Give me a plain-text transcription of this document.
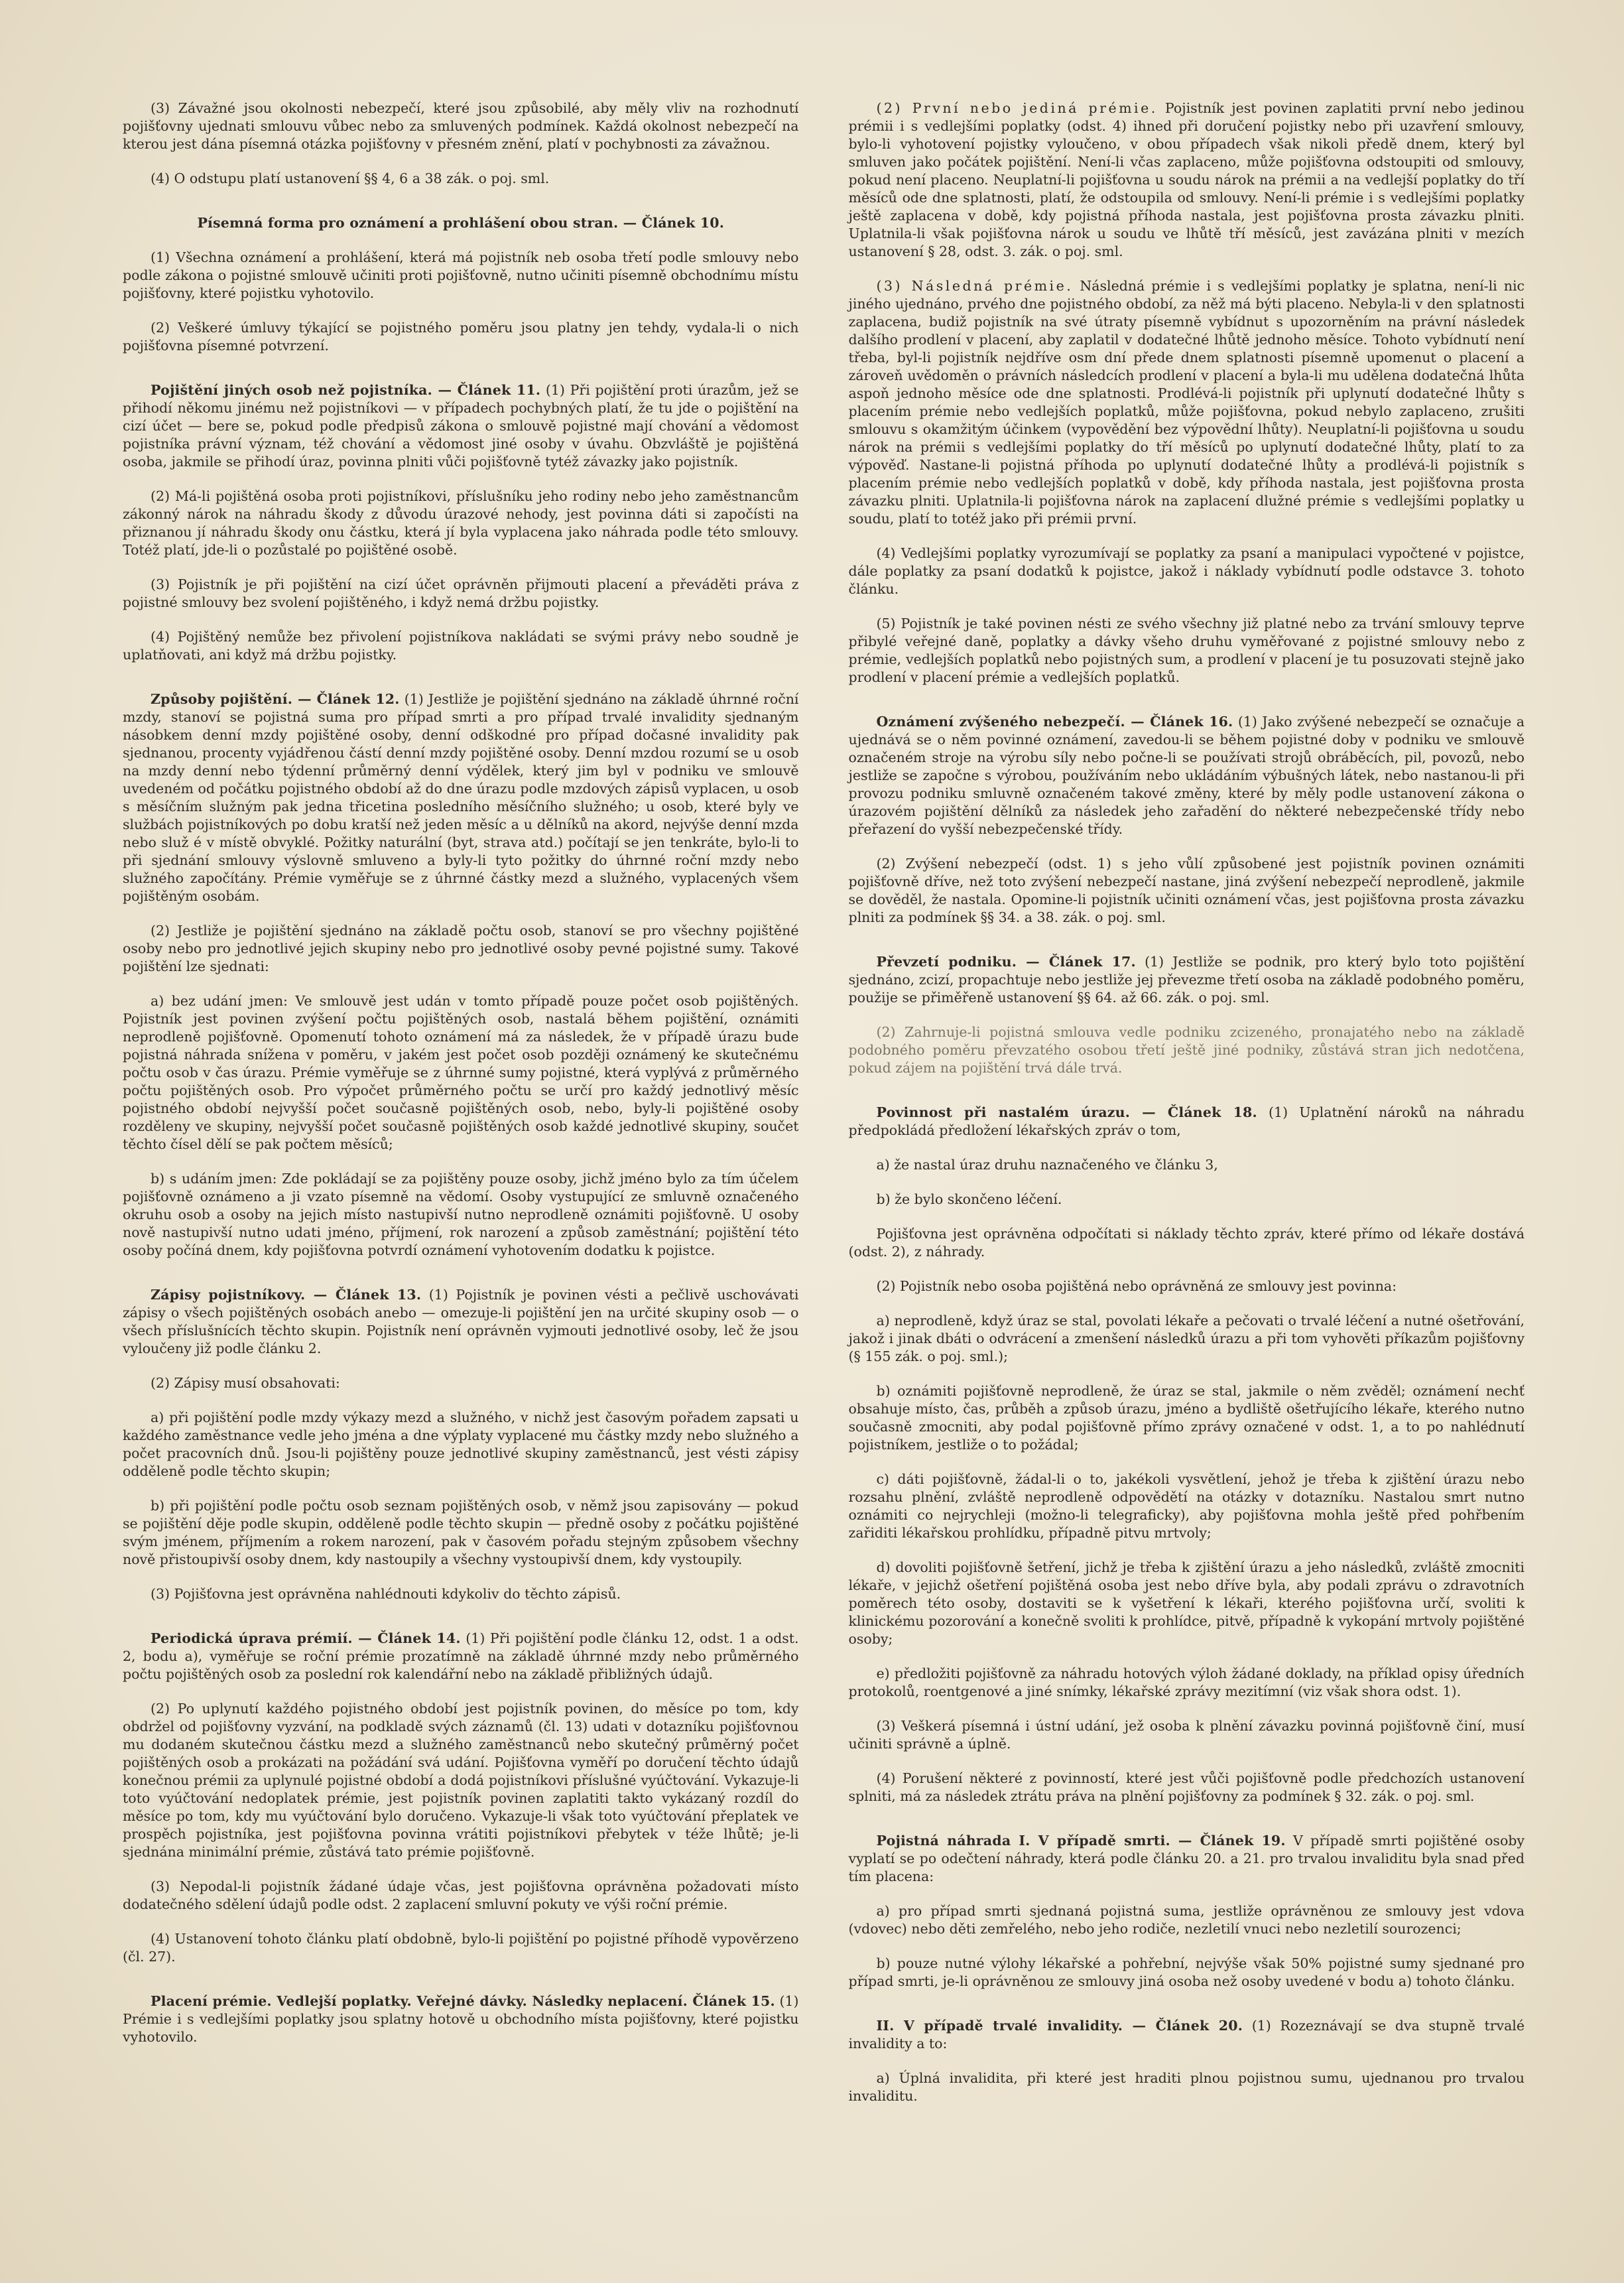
(3) Závažné jsou okolnosti nebezpečí, které jsou způsobilé, aby měly vliv na rozhodnutí pojišťovny ujednati smlouvu vůbec nebo za smluvených podmínek. Každá okolnost nebezpečí na kterou jest dána písemná otázka pojišťovny v přesném znění, platí v pochybnosti za závažnou.

(4) O odstupu platí ustanovení §§ 4, 6 a 38 zák. o poj. sml.

Písemná forma pro oznámení a prohlášení obou stran. — Článek 10.

(1) Všechna oznámení a prohlášení, která má pojistník neb osoba třetí podle smlouvy nebo podle zákona o pojistné smlouvě učiniti proti pojišťovně, nutno učiniti písemně obchodnímu místu pojišťovny, které pojistku vyhotovilo.

(2) Veškeré úmluvy týkající se pojistného poměru jsou platny jen tehdy, vydala-li o nich pojišťovna písemné potvrzení.

Pojištění jiných osob než pojistníka. — Článek 11. (1) Při pojištění proti úrazům, jež se přihodí někomu jinému než pojistníkovi — v případech pochybných platí, že tu jde o pojištění na cizí účet — bere se, pokud podle předpisů zákona o smlouvě pojistné mají chování a vědomost pojistníka právní význam, též chování a vědomost jiné osoby v úvahu. Obzvláště je pojištěná osoba, jakmile se přihodí úraz, povinna plniti vůči pojišťovně tytéž závazky jako pojistník.

(2) Má-li pojištěná osoba proti pojistníkovi, příslušníku jeho rodiny nebo jeho zaměstnancům zákonný nárok na náhradu škody z důvodu úrazové nehody, jest povinna dáti si započísti na přiznanou jí náhradu škody onu částku, která jí byla vyplacena jako náhrada podle této smlouvy. Totéž platí, jde-li o pozůstalé po pojištěné osobě.

(3) Pojistník je při pojištění na cizí účet oprávněn přijmouti placení a převáděti práva z pojistné smlouvy bez svolení pojištěného, i když nemá držbu pojistky.

(4) Pojištěný nemůže bez přivolení pojistníkova nakládati se svými právy nebo soudně je uplatňovati, ani když má držbu pojistky.

Způsoby pojištění. — Článek 12. (1) Jestliže je pojištění sjednáno na základě úhrnné roční mzdy, stanoví se pojistná suma pro případ smrti a pro případ trvalé invalidity sjednaným násobkem denní mzdy pojištěné osoby, denní odškodné pro případ dočasné invalidity pak sjednanou, procenty vyjádřenou částí denní mzdy pojištěné osoby. Denní mzdou rozumí se u osob na mzdy denní nebo týdenní průměrný denní výdělek, který jim byl v podniku ve smlouvě uvedeném od počátku pojistného období až do dne úrazu podle mzdových zápisů vyplacen, u osob s měsíčním služným pak jedna třicetina posledního měsíčního služného; u osob, které byly ve službách pojistníkových po dobu kratší než jeden měsíc a u dělníků na akord, nejvýše denní mzda nebo služ é v místě obvyklé. Požitky naturální (byt, strava atd.) počítají se jen tenkráte, bylo-li to při sjednání smlouvy výslovně smluveno a byly-li tyto požitky do úhrnné roční mzdy nebo služného započítány. Prémie vyměřuje se z úhrnné částky mezd a služného, vyplacených všem pojištěným osobám.

(2) Jestliže je pojištění sjednáno na základě počtu osob, stanoví se pro všechny pojištěné osoby nebo pro jednotlivé jejich skupiny nebo pro jednotlivé osoby pevné pojistné sumy. Takové pojištění lze sjednati:

a) bez udání jmen: Ve smlouvě jest udán v tomto případě pouze počet osob pojištěných. Pojistník jest povinen zvýšení počtu pojištěných osob, nastalá během pojištění, oznámiti neprodleně pojišťovně. Opomenutí tohoto oznámení má za následek, že v případě úrazu bude pojistná náhrada snížena v poměru, v jakém jest počet osob později oznámený ke skutečnému počtu osob v čas úrazu. Prémie vyměřuje se z úhrnné sumy pojistné, která vyplývá z průměrného počtu pojištěných osob. Pro výpočet průměrného počtu se určí pro každý jednotlivý měsíc pojistného období nejvyšší počet současně pojištěných osob, nebo, byly-li pojištěné osoby rozděleny ve skupiny, nejvyšší počet současně pojištěných osob každé jednotlivé skupiny, součet těchto čísel dělí se pak počtem měsíců;

b) s udáním jmen: Zde pokládají se za pojištěny pouze osoby, jichž jméno bylo za tím účelem pojišťovně oznámeno a ji vzato písemně na vědomí. Osoby vystupující ze smluvně označeného okruhu osob a osoby na jejich místo nastupivší nutno neprodleně oznámiti pojišťovně. U osoby nově nastupivší nutno udati jméno, příjmení, rok narození a způsob zaměstnání; pojištění této osoby počíná dnem, kdy pojišťovna potvrdí oznámení vyhotovením dodatku k pojistce.

Zápisy pojistníkovy. — Článek 13. (1) Pojistník je povinen vésti a pečlivě uschovávati zápisy o všech pojištěných osobách anebo — omezuje-li pojištění jen na určité skupiny osob — o všech příslušnících těchto skupin. Pojistník není oprávněn vyjmouti jednotlivé osoby, leč že jsou vyloučeny již podle článku 2.

(2) Zápisy musí obsahovati:

a) při pojištění podle mzdy výkazy mezd a služného, v nichž jest časovým pořadem zapsati u každého zaměstnance vedle jeho jména a dne výplaty vyplacené mu částky mzdy nebo služného a počet pracovních dnů. Jsou-li pojištěny pouze jednotlivé skupiny zaměstnanců, jest vésti zápisy odděleně podle těchto skupin;

b) při pojištění podle počtu osob seznam pojištěných osob, v němž jsou zapisovány — pokud se pojištění děje podle skupin, odděleně podle těchto skupin — předně osoby z počátku pojištěné svým jménem, příjmením a rokem narození, pak v časovém pořadu stejným způsobem všechny nově přistoupivší osoby dnem, kdy nastoupily a všechny vystoupivší dnem, kdy vystoupily.

(3) Pojišťovna jest oprávněna nahlédnouti kdykoliv do těchto zápisů.

Periodická úprava prémií. — Článek 14. (1) Při pojištění podle článku 12, odst. 1 a odst. 2, bodu a), vyměřuje se roční prémie prozatímně na základě úhrnné mzdy nebo průměrného počtu pojištěných osob za poslední rok kalendářní nebo na základě přibližných údajů.

(2) Po uplynutí každého pojistného období jest pojistník povinen, do měsíce po tom, kdy obdržel od pojišťovny vyzvání, na podkladě svých záznamů (čl. 13) udati v dotazníku pojišťovnou mu dodaném skutečnou částku mezd a služného zaměstnanců nebo skutečný průměrný počet pojištěných osob a prokázati na požádání svá udání. Pojišťovna vyměří po doručení těchto údajů konečnou prémii za uplynulé pojistné období a dodá pojistníkovi příslušné vyúčtování. Vykazuje-li toto vyúčtování nedoplatek prémie, jest pojistník povinen zaplatiti takto vykázaný rozdíl do měsíce po tom, kdy mu vyúčtování bylo doručeno. Vykazuje-li však toto vyúčtování přeplatek ve prospěch pojistníka, jest pojišťovna povinna vrátiti pojistníkovi přebytek v téže lhůtě; je-li sjednána minimální prémie, zůstává tato prémie pojišťovně.

(3) Nepodal-li pojistník žádané údaje včas, jest pojišťovna oprávněna požadovati místo dodatečného sdělení údajů podle odst. 2 zaplacení smluvní pokuty ve výši roční prémie.

(4) Ustanovení tohoto článku platí obdobně, bylo-li pojištění po pojistné příhodě vypověrzeno (čl. 27).

Placení prémie. Vedlejší poplatky. Veřejné dávky. Následky neplacení. Článek 15. (1) Prémie i s vedlejšími poplatky jsou splatny hotově u obchodního místa pojišťovny, které pojistku vyhotovilo.

(2) První nebo jediná prémie. Pojistník jest povinen zaplatiti první nebo jedinou prémii i s vedlejšími poplatky (odst. 4) ihned při doručení pojistky nebo při uzavření smlouvy, bylo-li vyhotovení pojistky vyloučeno, v obou případech však nikoli předě dnem, který byl smluven jako počátek pojištění. Není-li včas zaplaceno, může pojišťovna odstoupiti od smlouvy, pokud není placeno. Neuplatní-li pojišťovna u soudu nárok na prémii a na vedlejší poplatky do tří měsíců ode dne splatnosti, platí, že odstoupila od smlouvy. Není-li prémie i s vedlejšími poplatky ještě zaplacena v době, kdy pojistná příhoda nastala, jest pojišťovna prosta závazku plniti. Uplatnila-li však pojišťovna nárok u soudu ve lhůtě tří měsíců, jest zavázána plniti v mezích ustanovení § 28, odst. 3. zák. o poj. sml.

(3) Následná prémie. Následná prémie i s vedlejšími poplatky je splatna, není-li nic jiného ujednáno, prvého dne pojistného období, za něž má býti placeno. Nebyla-li v den splatnosti zaplacena, budiž pojistník na své útraty písemně vybídnut s upozorněním na právní následek dalšího prodlení v placení, aby zaplatil v dodatečné lhůtě jednoho měsíce. Tohoto vybídnutí není třeba, byl-li pojistník nejdříve osm dní přede dnem splatnosti písemně upomenut o placení a zároveň uvědoměn o právních následcích prodlení v placení a byla-li mu udělena dodatečná lhůta aspoň jednoho měsíce ode dne splatnosti. Prodlévá-li pojistník při uplynutí dodatečné lhůty s placením prémie nebo vedlejších poplatků, může pojišťovna, pokud nebylo zaplaceno, zrušiti smlouvu s okamžitým účinkem (vypovědění bez výpovědní lhůty). Neuplatní-li pojišťovna u soudu nárok na prémii s vedlejšími poplatky do tří měsíců po uplynutí dodatečné lhůty, platí to za výpověď. Nastane-li pojistná příhoda po uplynutí dodatečné lhůty a prodlévá-li pojistník s placením prémie nebo vedlejších poplatků v době, kdy příhoda nastala, jest pojišťovna prosta závazku plniti. Uplatnila-li pojišťovna nárok na zaplacení dlužné prémie s vedlejšími poplatky u soudu, platí to totéž jako při prémii první.

(4) Vedlejšími poplatky vyrozumívají se poplatky za psaní a manipulaci vypočtené v pojistce, dále poplatky za psaní dodatků k pojistce, jakož i náklady vybídnutí podle odstavce 3. tohoto článku.

(5) Pojistník je také povinen nésti ze svého všechny již platné nebo za trvání smlouvy teprve přibylé veřejné daně, poplatky a dávky všeho druhu vyměřované z pojistné smlouvy nebo z prémie, vedlejších poplatků nebo pojistných sum, a prodlení v placení je tu posuzovati stejně jako prodlení v placení prémie a vedlejších poplatků.

Oznámení zvýšeného nebezpečí. — Článek 16. (1) Jako zvýšené nebezpečí se označuje a ujednává se o něm povinné oznámení, zavedou-li se během pojistné doby v podniku ve smlouvě označeném stroje na výrobu síly nebo počne-li se používati strojů obráběcích, pil, povozů, nebo jestliže se započne s výrobou, používáním nebo ukládáním výbušných látek, nebo nastanou-li při provozu podniku smluvně označeném takové změny, které by měly podle ustanovení zákona o úrazovém pojištění dělníků za následek jeho zařadění do některé nebezpečenské třídy nebo přeřazení do vyšší nebezpečenské třídy.

(2) Zvýšení nebezpečí (odst. 1) s jeho vůlí způsobené jest pojistník povinen oznámiti pojišťovně dříve, než toto zvýšení nebezpečí nastane, jiná zvýšení nebezpečí neprodleně, jakmile se dověděl, že nastala. Opomine-li pojistník učiniti oznámení včas, jest pojišťovna prosta závazku plniti za podmínek §§ 34. a 38. zák. o poj. sml.

Převzetí podniku. — Článek 17. (1) Jestliže se podnik, pro který bylo toto pojištění sjednáno, zcizí, propachtuje nebo jestliže jej převezme třetí osoba na základě podobného poměru, použije se přiměřeně ustanovení §§ 64. až 66. zák. o poj. sml.

(2) Zahrnuje-li pojistná smlouva vedle podniku zcizeného, pronajatého nebo na základě podobného poměru převzatého osobou třetí ještě jiné podniky, zůstává stran jich nedotčena, pokud zájem na pojištění trvá dále trvá.

Povinnost při nastalém úrazu. — Článek 18. (1) Uplatnění nároků na náhradu předpokládá předložení lékařských zpráv o tom,

a) že nastal úraz druhu naznačeného ve článku 3,

b) že bylo skončeno léčení.

Pojišťovna jest oprávněna odpočítati si náklady těchto zpráv, které přímo od lékaře dostává (odst. 2), z náhrady.

(2) Pojistník nebo osoba pojištěná nebo oprávněná ze smlouvy jest povinna:

a) neprodleně, když úraz se stal, povolati lékaře a pečovati o trvalé léčení a nutné ošetřování, jakož i jinak dbáti o odvrácení a zmenšení následků úrazu a při tom vyhověti příkazům pojišťovny (§ 155 zák. o poj. sml.);

b) oznámiti pojišťovně neprodleně, že úraz se stal, jakmile o něm zvěděl; oznámení nechť obsahuje místo, čas, průběh a způsob úrazu, jméno a bydliště ošetřujícího lékaře, kterého nutno současně zmocniti, aby podal pojišťovně přímo zprávy označené v odst. 1, a to po nahlédnutí pojistníkem, jestliže o to požádal;

c) dáti pojišťovně, žádal-li o to, jakékoli vysvětlení, jehož je třeba k zjištění úrazu nebo rozsahu plnění, zvláště neprodleně odpovědětí na otázky v dotazníku. Nastalou smrt nutno oznámiti co nejrychleji (možno-li telegraficky), aby pojišťovna mohla ještě před pohřbením zařiditi lékařskou prohlídku, případně pitvu mrtvoly;

d) dovoliti pojišťovně šetření, jichž je třeba k zjištění úrazu a jeho následků, zvláště zmocniti lékaře, v jejichž ošetření pojištěná osoba jest nebo dříve byla, aby podali zprávu o zdravotních poměrech této osoby, dostaviti se k vyšetření k lékaři, kterého pojišťovna určí, svoliti k klinickému pozorování a konečně svoliti k prohlídce, pitvě, případně k vykopání mrtvoly pojištěné osoby;

e) předložiti pojišťovně za náhradu hotových výloh žádané doklady, na příklad opisy úředních protokolů, roentgenové a jiné snímky, lékařské zprávy mezitímní (viz však shora odst. 1).

(3) Veškerá písemná i ústní udání, jež osoba k plnění závazku povinná pojišťovně činí, musí učiniti správně a úplně.

(4) Porušení některé z povinností, které jest vůči pojišťovně podle předchozích ustanovení splniti, má za následek ztrátu práva na plnění pojišťovny za podmínek § 32. zák. o poj. sml.

Pojistná náhrada I. V případě smrti. — Článek 19. V případě smrti pojištěné osoby vyplatí se po odečtení náhrady, která podle článku 20. a 21. pro trvalou invaliditu byla snad před tím placena:

a) pro případ smrti sjednaná pojistná suma, jestliže oprávněnou ze smlouvy jest vdova (vdovec) nebo děti zemřelého, nebo jeho rodiče, nezletilí vnuci nebo nezletilí sourozenci;

b) pouze nutné výlohy lékařské a pohřební, nejvýše však 50% pojistné sumy sjednané pro případ smrti, je-li oprávněnou ze smlouvy jiná osoba než osoby uvedené v bodu a) tohoto článku.

II. V případě trvalé invalidity. — Článek 20. (1) Rozeznávají se dva stupně trvalé invalidity a to:

a) Úplná invalidita, při které jest hraditi plnou pojistnou sumu, ujednanou pro trvalou invaliditu.
